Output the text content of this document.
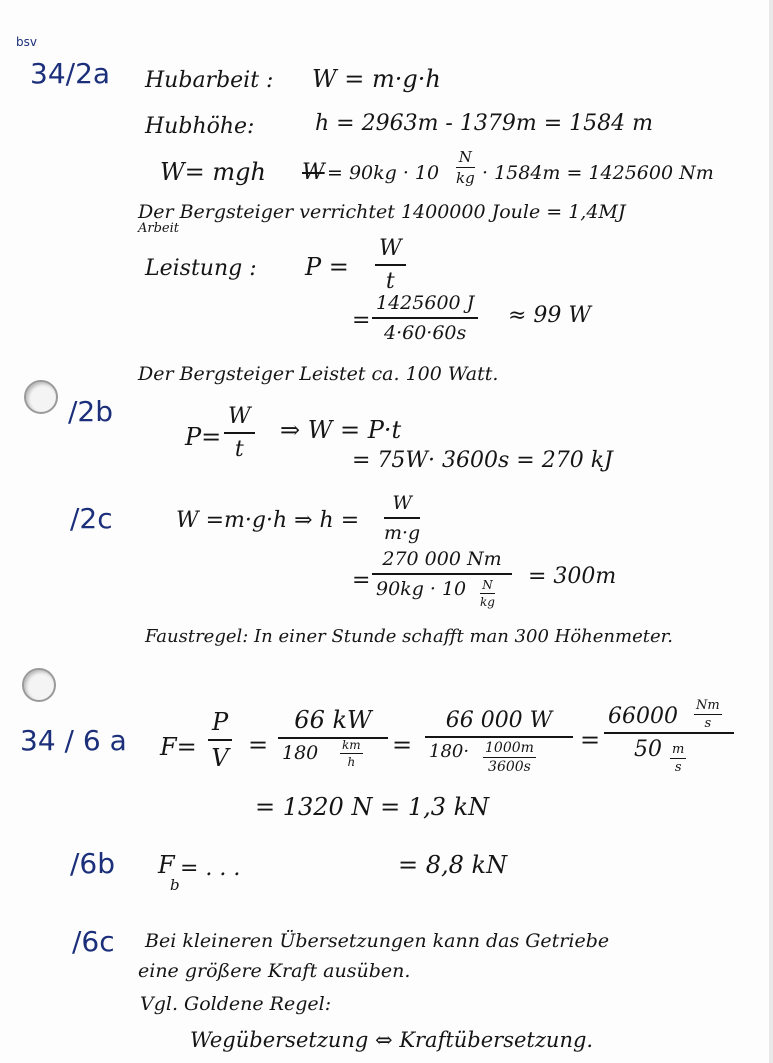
bsv
34/2a Hubarbeit : W = m·g·h
Hubhöhe:	h = 2963m - 1379m = 1584 m
W= mgh $W = 90kg \cdot 10 \frac{N}{kg} \cdot 1584m = 1425600$ Nm
Der Bergsteiger verrichtet 1400000 Joule = 1,4MJ
Arbeit
Leistung : $P = \frac{W}{t}$
= $\frac{1425600 J}{4\cdot 60\cdot 60s} \approx 99$ W
Der Bergsteiger Leistet ca. 100 Watt.
/2b
$P= \frac{W}{t}$ ⇒ W = P·t
= 75W· 3600s = 270 kJ
/2c	W =m·g·h ⇒ $h = \frac{W}{m\cdot g}$
= $\frac{270 000 Nm}{90kg \cdot 10}$
N
kg
= 300m
Faustregel: In einer Stunde schafft man 300 Höhenmeter.
34 / 6 a $F= \frac{P}{V}$ =
66 kW
180	km
h
=
66 000 W
180·	1000m
3600s
= $\frac{66000}{50}$
Nm
s
m
s
= 1320 N = 1,3 kN
/6b F
b
= . . .	= 8,8 kN
/6c Bei kleineren Übersetzungen kann das Getriebe
eine größere Kraft ausüben.
Vgl. Goldene Regel:
Wegübersetzung ⇔ Kraftübersetzung.
